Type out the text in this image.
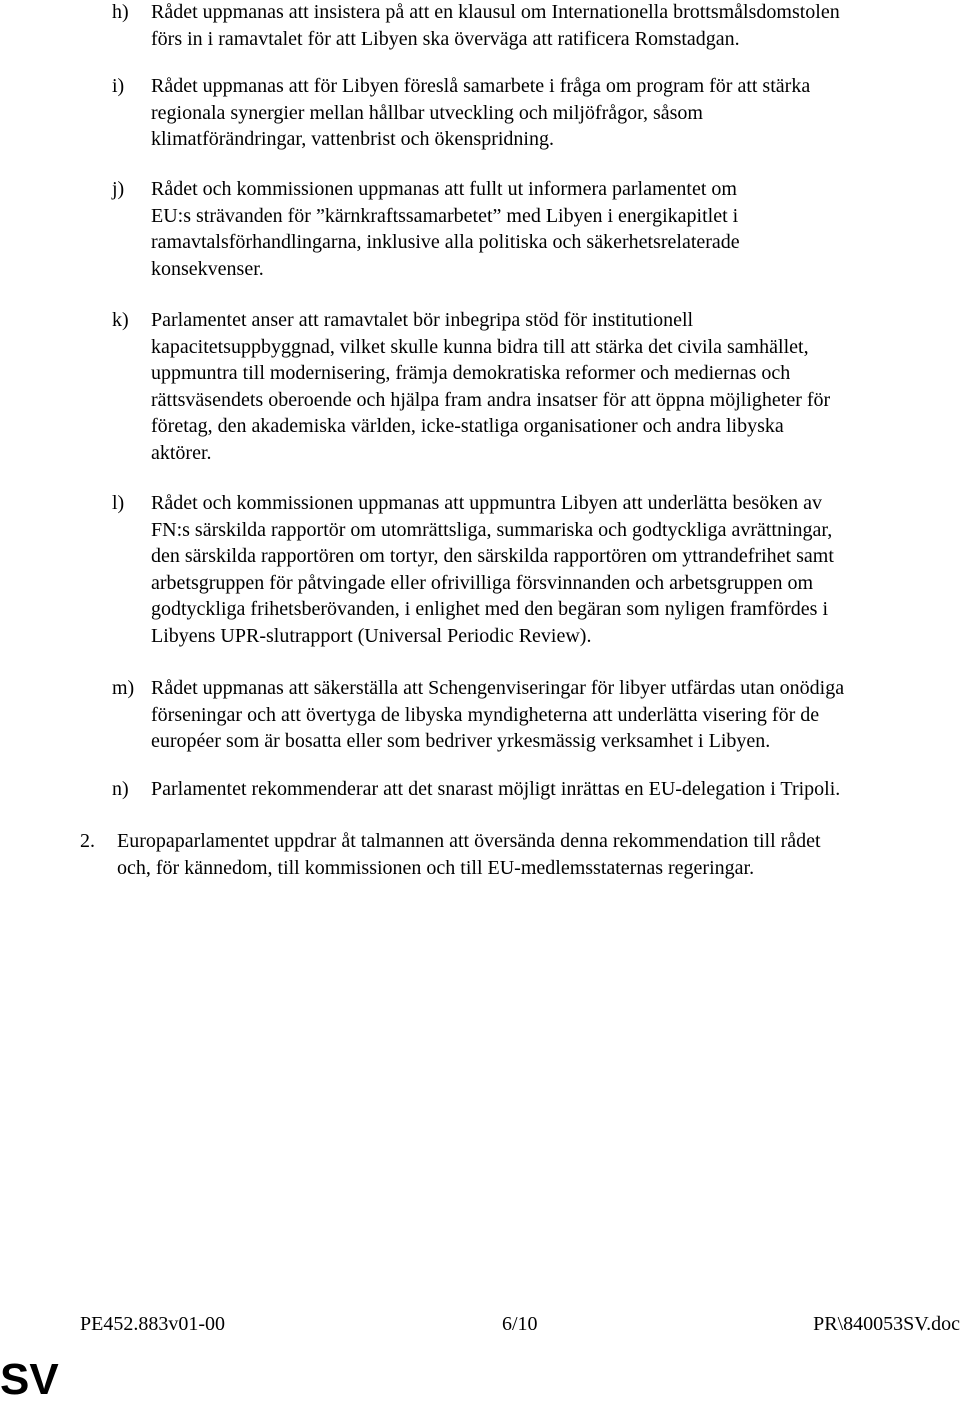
h) Rådet uppmanas att insistera på att en klausul om Internationella brottsmålsdomstolen
förs in i ramavtalet för att Libyen ska överväga att ratificera Romstadgan.
i) Rådet uppmanas att för Libyen föreslå samarbete i fråga om program för att stärka
regionala synergier mellan hållbar utveckling och miljöfrågor, såsom
klimatförändringar, vattenbrist och ökenspridning.
j) Rådet och kommissionen uppmanas att fullt ut informera parlamentet om
EU:s strävanden för ”kärnkraftssamarbetet” med Libyen i energikapitlet i
ramavtalsförhandlingarna, inklusive alla politiska och säkerhetsrelaterade
konsekvenser.
k) Parlamentet anser att ramavtalet bör inbegripa stöd för institutionell
kapacitetsuppbyggnad, vilket skulle kunna bidra till att stärka det civila samhället,
uppmuntra till modernisering, främja demokratiska reformer och mediernas och
rättsväsendets oberoende och hjälpa fram andra insatser för att öppna möjligheter för
företag, den akademiska världen, icke-statliga organisationer och andra libyska
aktörer.
l) Rådet och kommissionen uppmanas att uppmuntra Libyen att underlätta besöken av
FN:s särskilda rapportör om utomrättsliga, summariska och godtyckliga avrättningar,
den särskilda rapportören om tortyr, den särskilda rapportören om yttrandefrihet samt
arbetsgruppen för påtvingade eller ofrivilliga försvinnanden och arbetsgruppen om
godtyckliga frihetsberövanden, i enlighet med den begäran som nyligen framfördes i
Libyens UPR-slutrapport (Universal Periodic Review).
m) Rådet uppmanas att säkerställa att Schengenviseringar för libyer utfärdas utan onödiga
förseningar och att övertyga de libyska myndigheterna att underlätta visering för de
européer som är bosatta eller som bedriver yrkesmässig verksamhet i Libyen.
n) Parlamentet rekommenderar att det snarast möjligt inrättas en EU-delegation i Tripoli.
2. Europaparlamentet uppdrar åt talmannen att översända denna rekommendation till rådet
och, för kännedom, till kommissionen och till EU-medlemsstaternas regeringar.
PE452.883v01-00	6/10	PR\840053SV.doc
SV
